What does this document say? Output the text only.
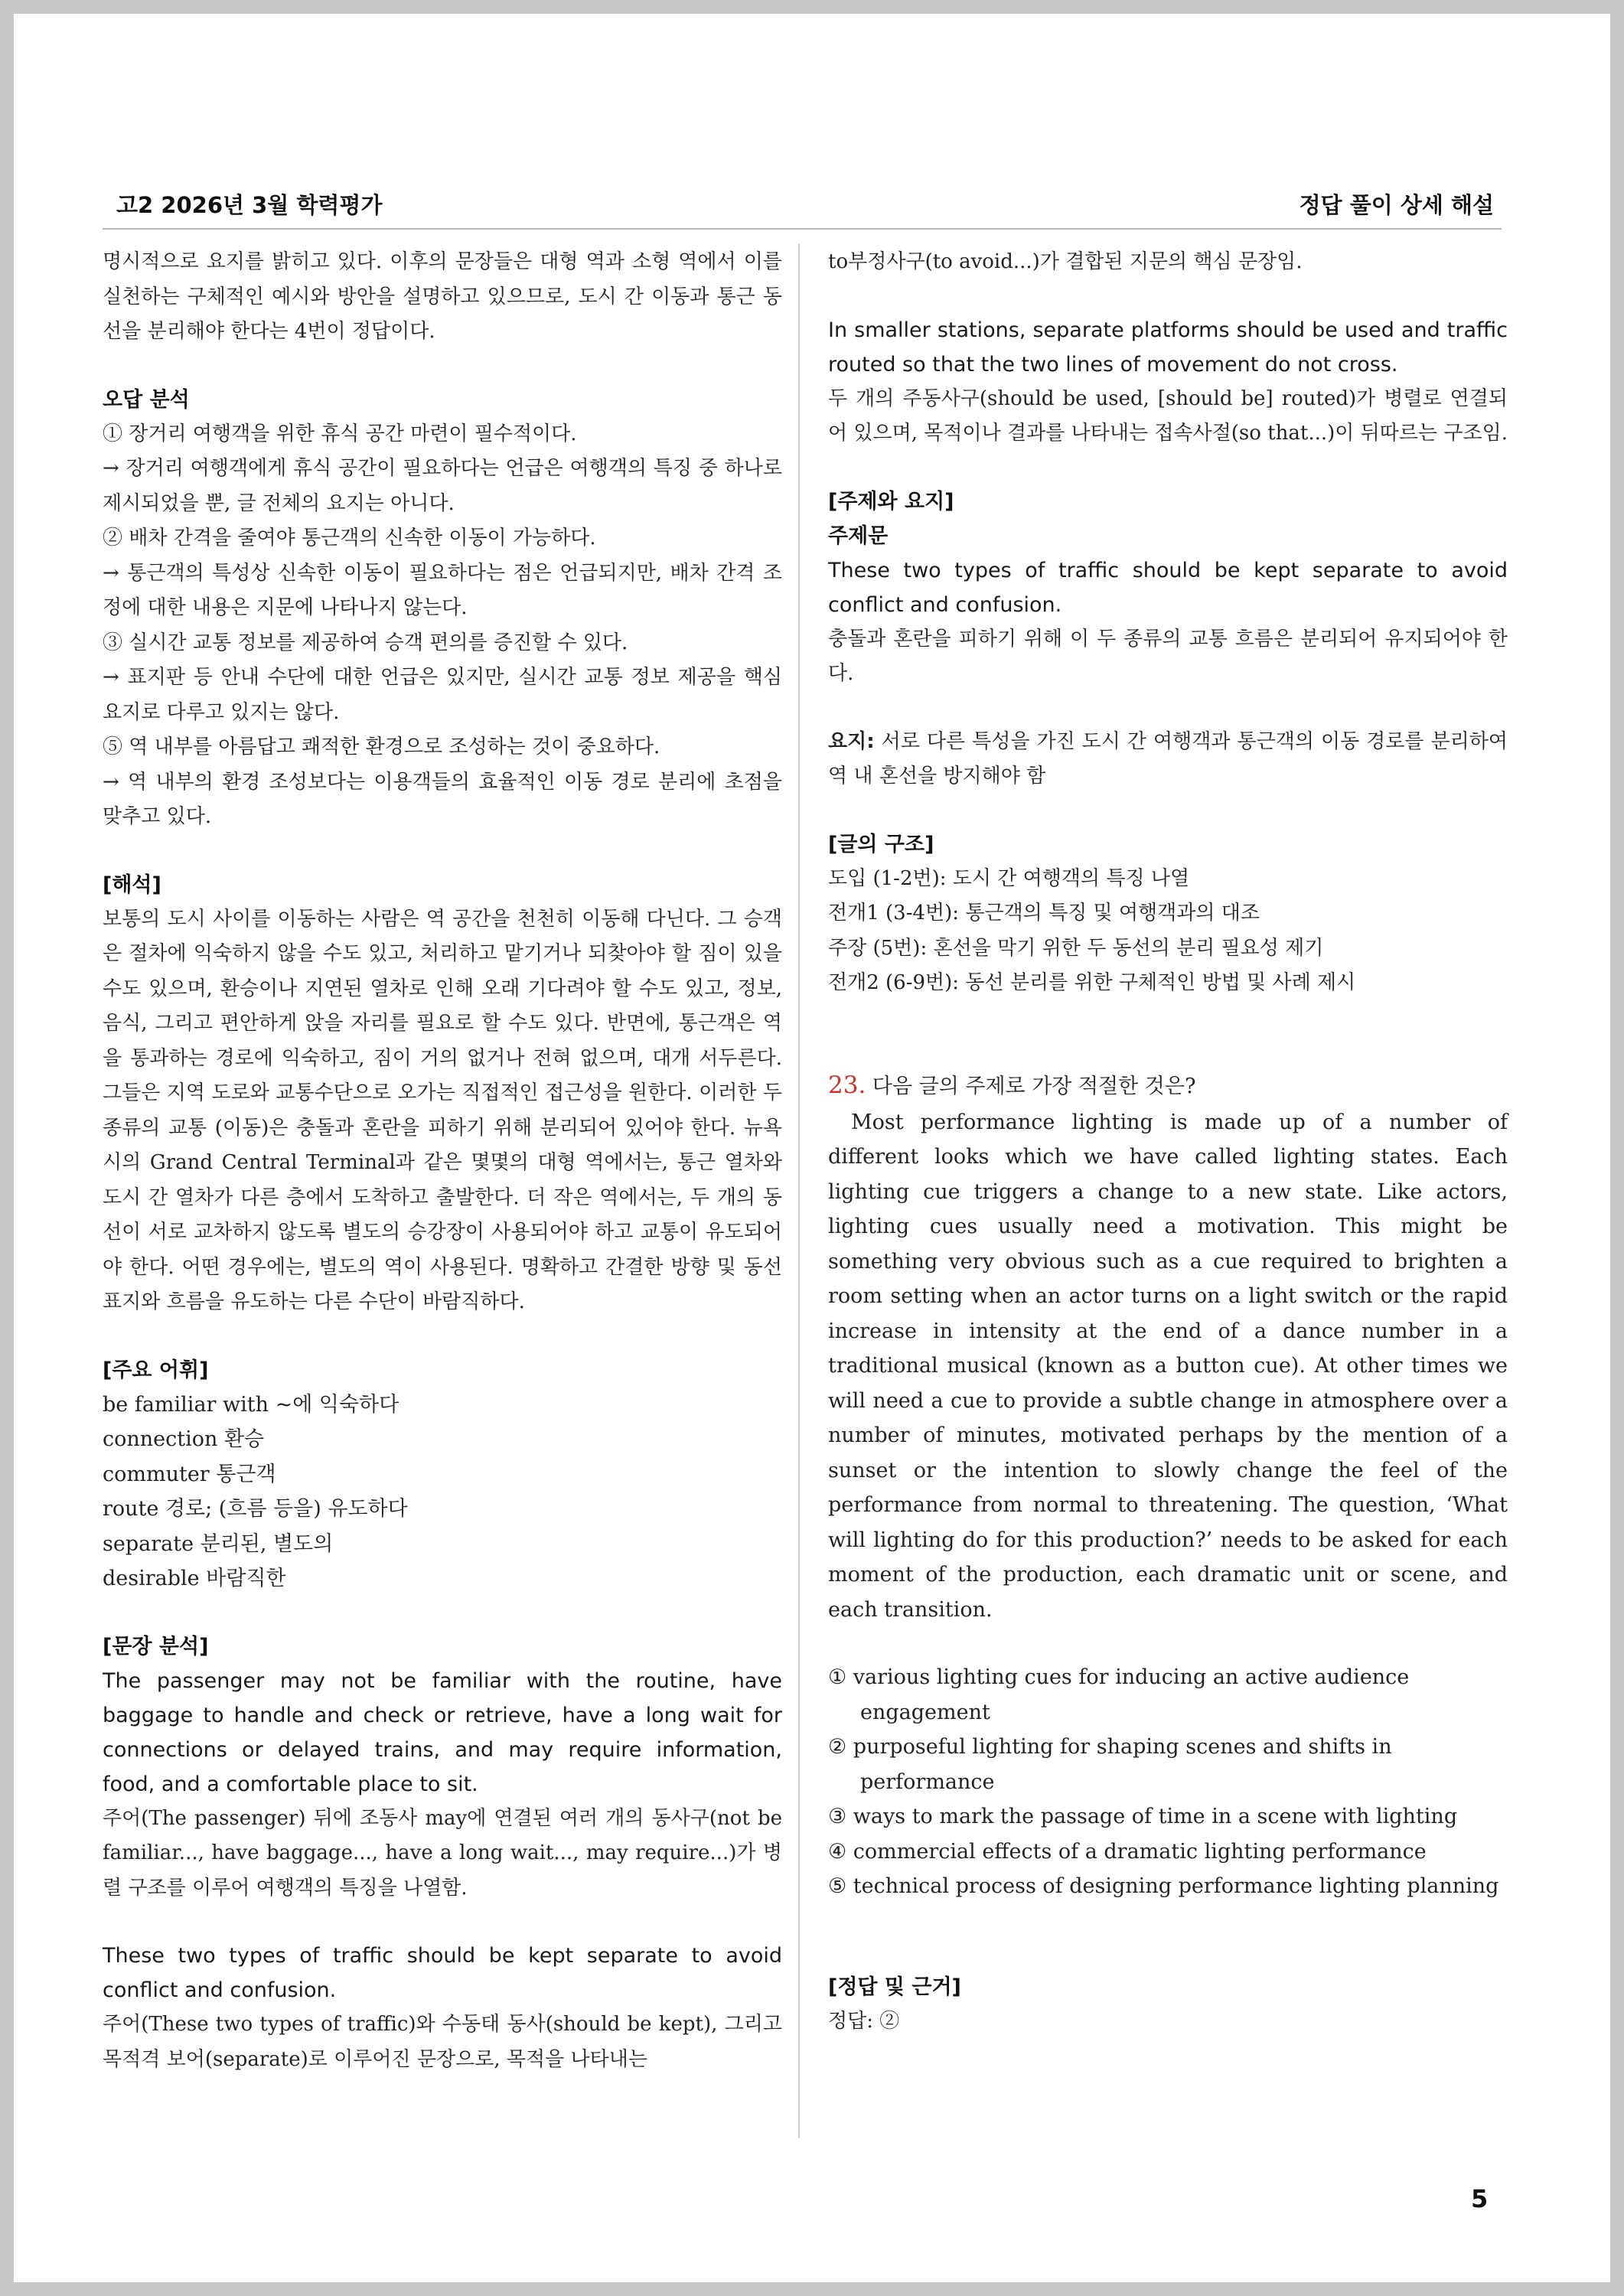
고2 2026년 3월 학력평가	정답 풀이 상세 해설

명시적으로 요지를 밝히고 있다. 이후의 문장들은 대형 역과 소형 역에서 이를 실천하는 구체적인 예시와 방안을 설명하고 있으므로, 도시 간 이동과 통근 동선을 분리해야 한다는 4번이 정답이다.

오답 분석

① 장거리 여행객을 위한 휴식 공간 마련이 필수적이다.

→ 장거리 여행객에게 휴식 공간이 필요하다는 언급은 여행객의 특징 중 하나로 제시되었을 뿐, 글 전체의 요지는 아니다.

② 배차 간격을 줄여야 통근객의 신속한 이동이 가능하다.

→ 통근객의 특성상 신속한 이동이 필요하다는 점은 언급되지만, 배차 간격 조정에 대한 내용은 지문에 나타나지 않는다.

③ 실시간 교통 정보를 제공하여 승객 편의를 증진할 수 있다.

→ 표지판 등 안내 수단에 대한 언급은 있지만, 실시간 교통 정보 제공을 핵심 요지로 다루고 있지는 않다.

⑤ 역 내부를 아름답고 쾌적한 환경으로 조성하는 것이 중요하다.

→ 역 내부의 환경 조성보다는 이용객들의 효율적인 이동 경로 분리에 초점을 맞추고 있다.

[해석]

보통의 도시 사이를 이동하는 사람은 역 공간을 천천히 이동해 다닌다. 그 승객은 절차에 익숙하지 않을 수도 있고, 처리하고 맡기거나 되찾아야 할 짐이 있을 수도 있으며, 환승이나 지연된 열차로 인해 오래 기다려야 할 수도 있고, 정보, 음식, 그리고 편안하게 앉을 자리를 필요로 할 수도 있다. 반면에, 통근객은 역을 통과하는 경로에 익숙하고, 짐이 거의 없거나 전혀 없으며, 대개 서두른다. 그들은 지역 도로와 교통수단으로 오가는 직접적인 접근성을 원한다. 이러한 두 종류의 교통 (이동)은 충돌과 혼란을 피하기 위해 분리되어 있어야 한다. 뉴욕시의 Grand Central Terminal과 같은 몇몇의 대형 역에서는, 통근 열차와 도시 간 열차가 다른 층에서 도착하고 출발한다. 더 작은 역에서는, 두 개의 동선이 서로 교차하지 않도록 별도의 승강장이 사용되어야 하고 교통이 유도되어야 한다. 어떤 경우에는, 별도의 역이 사용된다. 명확하고 간결한 방향 및 동선 표지와 흐름을 유도하는 다른 수단이 바람직하다.

[주요 어휘]

be familiar with ~에 익숙하다

connection 환승

commuter 통근객

route 경로; (흐름 등을) 유도하다

separate 분리된, 별도의

desirable 바람직한

[문장 분석]

The passenger may not be familiar with the routine, have baggage to handle and check or retrieve, have a long wait for connections or delayed trains, and may require information, food, and a comfortable place to sit.

주어(The passenger) 뒤에 조동사 may에 연결된 여러 개의 동사구(not be familiar..., have baggage..., have a long wait..., may require...)가 병렬 구조를 이루어 여행객의 특징을 나열함.

These two types of traffic should be kept separate to avoid conflict and confusion.

주어(These two types of traffic)와 수동태 동사(should be kept), 그리고 목적격 보어(separate)로 이루어진 문장으로, 목적을 나타내는

to부정사구(to avoid...)가 결합된 지문의 핵심 문장임.

In smaller stations, separate platforms should be used and traffic routed so that the two lines of movement do not cross.

두 개의 주동사구(should be used, [should be] routed)가 병렬로 연결되어 있으며, 목적이나 결과를 나타내는 접속사절(so that...)이 뒤따르는 구조임.

[주제와 요지]

주제문

These two types of traffic should be kept separate to avoid conflict and confusion.

충돌과 혼란을 피하기 위해 이 두 종류의 교통 흐름은 분리되어 유지되어야 한다.

요지: 서로 다른 특성을 가진 도시 간 여행객과 통근객의 이동 경로를 분리하여 역 내 혼선을 방지해야 함

[글의 구조]

도입 (1-2번): 도시 간 여행객의 특징 나열

전개1 (3-4번): 통근객의 특징 및 여행객과의 대조

주장 (5번): 혼선을 막기 위한 두 동선의 분리 필요성 제기

전개2 (6-9번): 동선 분리를 위한 구체적인 방법 및 사례 제시

23. 다음 글의 주제로 가장 적절한 것은?

Most performance lighting is made up of a number of different looks which we have called lighting states. Each lighting cue triggers a change to a new state. Like actors, lighting cues usually need a motivation. This might be something very obvious such as a cue required to brighten a room setting when an actor turns on a light switch or the rapid increase in intensity at the end of a dance number in a traditional musical (known as a button cue). At other times we will need a cue to provide a subtle change in atmosphere over a number of minutes, motivated perhaps by the mention of a sunset or the intention to slowly change the feel of the performance from normal to threatening. The question, ‘What will lighting do for this production?’ needs to be asked for each moment of the production, each dramatic unit or scene, and each transition.

① various lighting cues for inducing an active audience engagement

② purposeful lighting for shaping scenes and shifts in performance

③ ways to mark the passage of time in a scene with lighting

④ commercial effects of a dramatic lighting performance

⑤ technical process of designing performance lighting planning

[정답 및 근거]

정답: ②

5
